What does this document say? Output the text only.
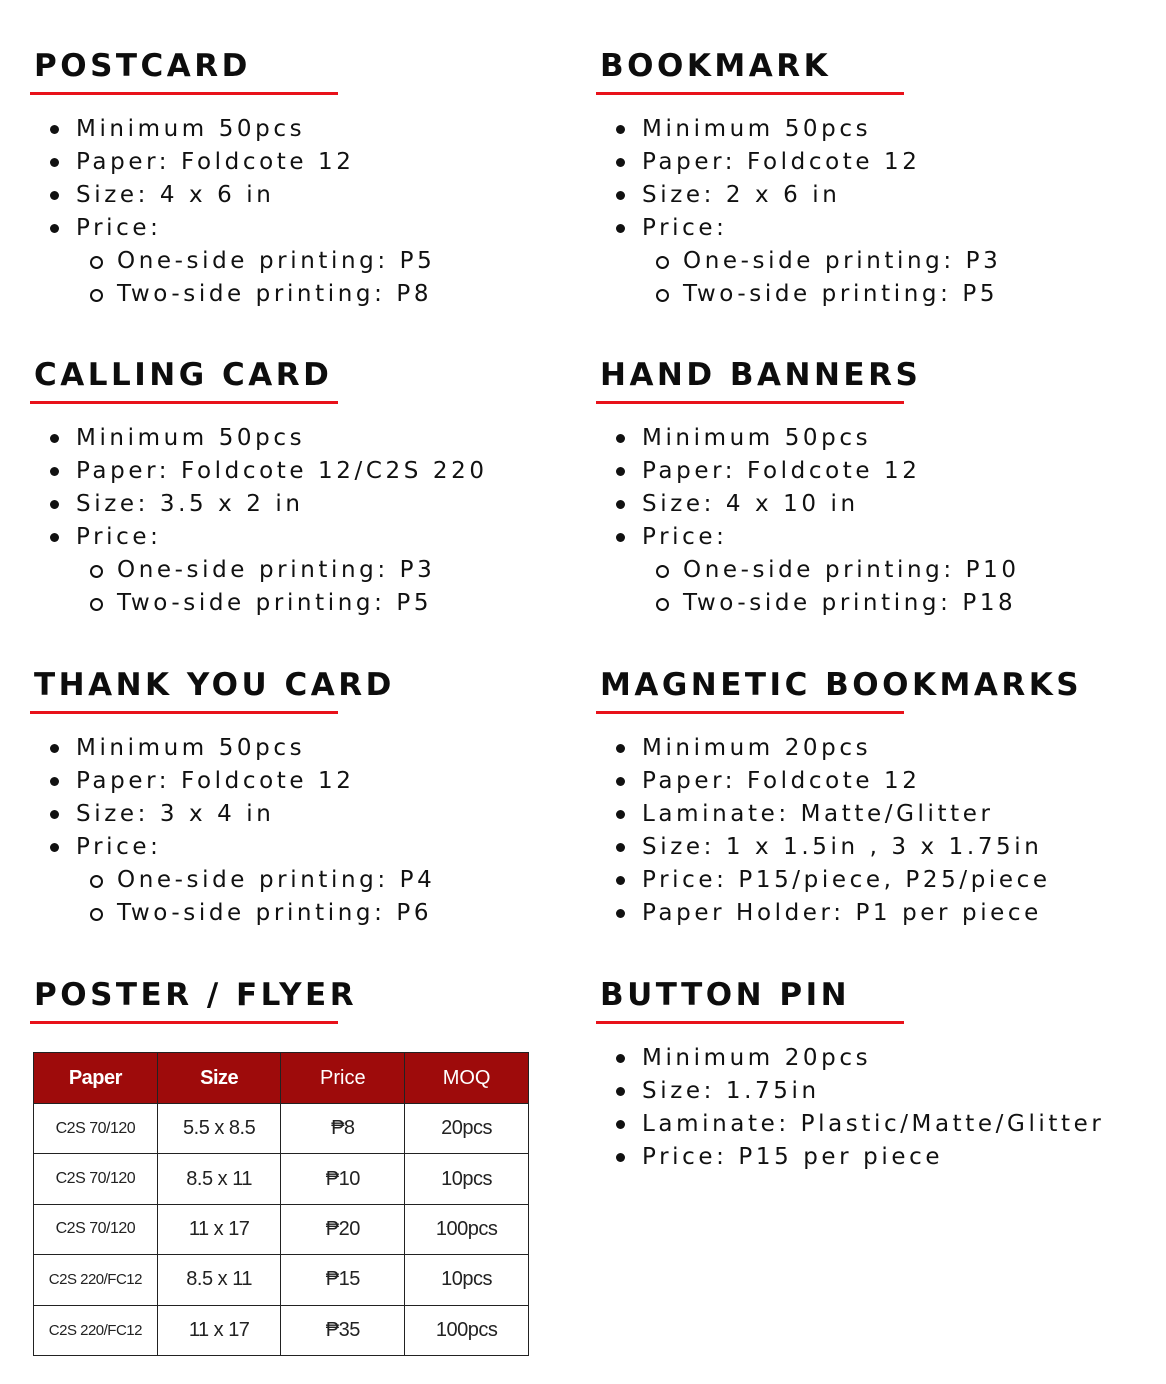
POSTCARD
Minimum 50pcs
Paper: Foldcote 12
Size: 4 x 6 in
Price:
One-side printing: P5
Two-side printing: P8
BOOKMARK
Minimum 50pcs
Paper: Foldcote 12
Size: 2 x 6 in
Price:
One-side printing: P3
Two-side printing: P5
CALLING CARD
Minimum 50pcs
Paper: Foldcote 12/C2S 220
Size: 3.5 x 2 in
Price:
One-side printing: P3
Two-side printing: P5
HAND BANNERS
Minimum 50pcs
Paper: Foldcote 12
Size: 4 x 10 in
Price:
One-side printing: P10
Two-side printing: P18
THANK YOU CARD
Minimum 50pcs
Paper: Foldcote 12
Size: 3 x 4 in
Price:
One-side printing: P4
Two-side printing: P6
MAGNETIC BOOKMARKS
Minimum 20pcs
Paper: Foldcote 12
Laminate: Matte/Glitter
Size: 1 x 1.5in , 3 x 1.75in
Price: P15/piece, P25/piece
Paper Holder: P1 per piece
POSTER / FLYER
Paper	Size	Price	MOQ
C2S 70/120	5.5 x 8.5	₱8	20pcs
C2S 70/120	8.5 x 11	₱10	10pcs
C2S 70/120	11 x 17	₱20	100pcs
C2S 220/FC12	8.5 x 11	₱15	10pcs
C2S 220/FC12	11 x 17	₱35	100pcs
BUTTON PIN
Minimum 20pcs
Size: 1.75in
Laminate: Plastic/Matte/Glitter
Price: P15 per piece
